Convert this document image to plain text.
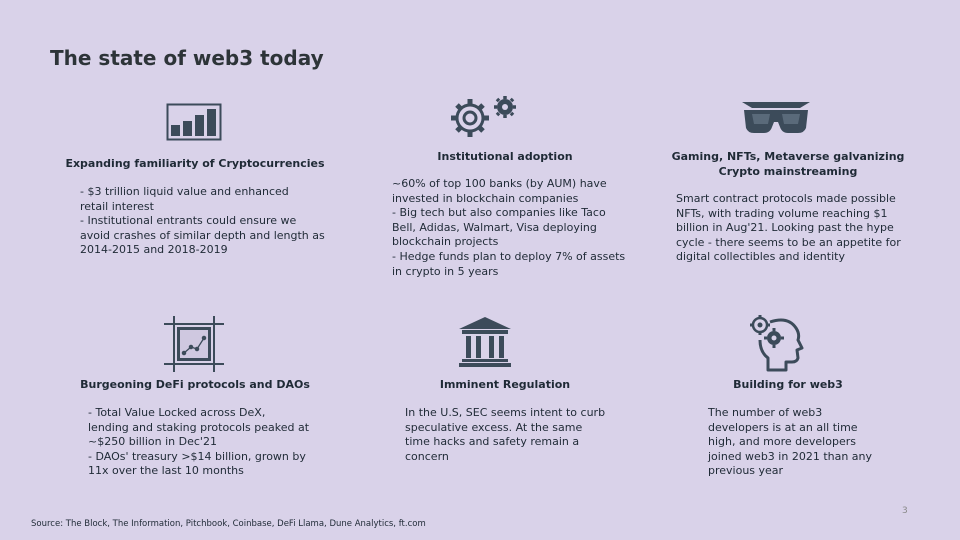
The state of web3 today
Expanding familiarity of Cryptocurrencies
- $3 trillion liquid value and enhanced
retail interest
- Institutional entrants could ensure we
avoid crashes of similar depth and length as
2014-2015 and 2018-2019
Institutional adoption
~60% of top 100 banks (by AUM) have
invested in blockchain companies
- Big tech but also companies like Taco
Bell, Adidas, Walmart, Visa deploying
blockchain projects
- Hedge funds plan to deploy 7% of assets
in crypto in 5 years
Gaming, NFTs, Metaverse galvanizing
Crypto mainstreaming
Smart contract protocols made possible
NFTs, with trading volume reaching $1
billion in Aug'21. Looking past the hype
cycle - there seems to be an appetite for
digital collectibles and identity
Burgeoning DeFi protocols and DAOs
- Total Value Locked across DeX,
lending and staking protocols peaked at
~$250 billion in Dec'21
- DAOs' treasury >$14 billion, grown by
11x over the last 10 months
Imminent Regulation
In the U.S, SEC seems intent to curb
speculative excess. At the same
time hacks and safety remain a
concern
Building for web3
The number of web3
developers is at an all time
high, and more developers
joined web3 in 2021 than any
previous year
3
Source: The Block, The Information, Pitchbook, Coinbase, DeFi Llama, Dune Analytics, ft.com
